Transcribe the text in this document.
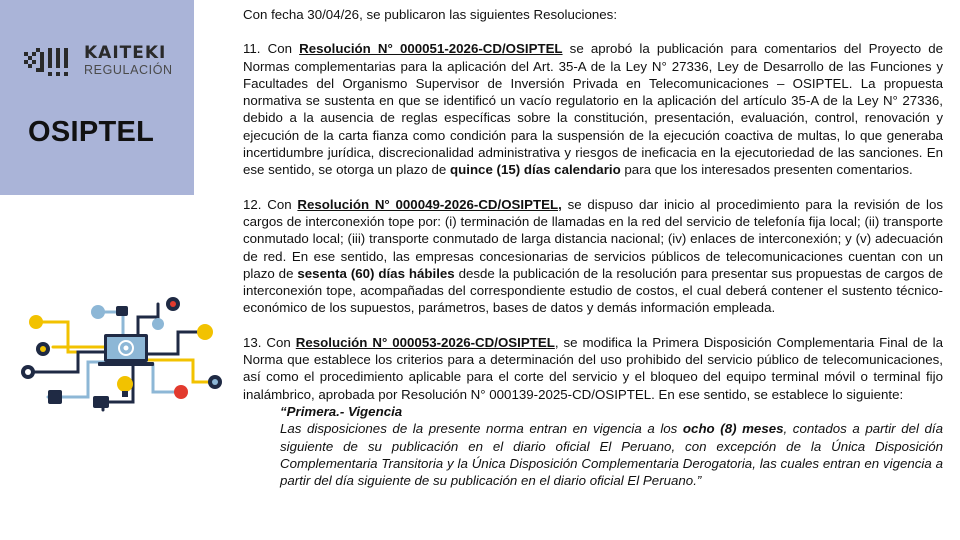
KAITEKI
REGULACIÓN
OSIPTEL

Con fecha 30/04/26, se publicaron las siguientes Resoluciones:

11. Con Resolución N° 000051-2026-CD/OSIPTEL se aprobó la publicación para comentarios del Proyecto de Normas complementarias para la aplicación del Art. 35-A de la Ley N° 27336, Ley de Desarrollo de las Funciones y Facultades del Organismo Supervisor de Inversión Privada en Telecomunicaciones – OSIPTEL. La propuesta normativa se sustenta en que se identificó un vacío regulatorio en la aplicación del artículo 35-A de la Ley N° 27336, debido a la ausencia de reglas específicas sobre la constitución, presentación, evaluación, control, renovación y ejecución de la carta fianza como condición para la suspensión de la ejecución coactiva de multas, lo que generaba incertidumbre jurídica, discrecionalidad administrativa y riesgos de ineficacia en la ejecutoriedad de las sanciones. En ese sentido, se otorga un plazo de quince (15) días calendario para que los interesados presenten comentarios.

12. Con Resolución N° 000049-2026-CD/OSIPTEL, se dispuso dar inicio al procedimiento para la revisión de los cargos de interconexión tope por: (i) terminación de llamadas en la red del servicio de telefonía fija local; (ii) transporte conmutado local; (iii) transporte conmutado de larga distancia nacional; (iv) enlaces de interconexión; y (v) adecuación de red. En ese sentido, las empresas concesionarias de servicios públicos de telecomunicaciones cuentan con un plazo de sesenta (60) días hábiles desde la publicación de la resolución para presentar sus propuestas de cargos de interconexión tope, acompañadas del correspondiente estudio de costos, el cual deberá contener el sustento técnico-económico de los supuestos, parámetros, bases de datos y demás información empleada.

13. Con Resolución N° 000053-2026-CD/OSIPTEL, se modifica la Primera Disposición Complementaria Final de la Norma que establece los criterios para a determinación del uso prohibido del servicio público de telecomunicaciones, así como el procedimiento aplicable para el corte del servicio y el bloqueo del equipo terminal móvil o terminal fijo inalámbrico, aprobada por Resolución N° 000139-2025-CD/OSIPTEL. En ese sentido, se establece lo siguiente:

“Primera.- Vigencia

Las disposiciones de la presente norma entran en vigencia a los ocho (8) meses, contados a partir del día siguiente de su publicación en el diario oficial El Peruano, con excepción de la Única Disposición Complementaria Transitoria y la Única Disposición Complementaria Derogatoria, las cuales entran en vigencia a partir del día siguiente de su publicación en el diario oficial El Peruano.”
